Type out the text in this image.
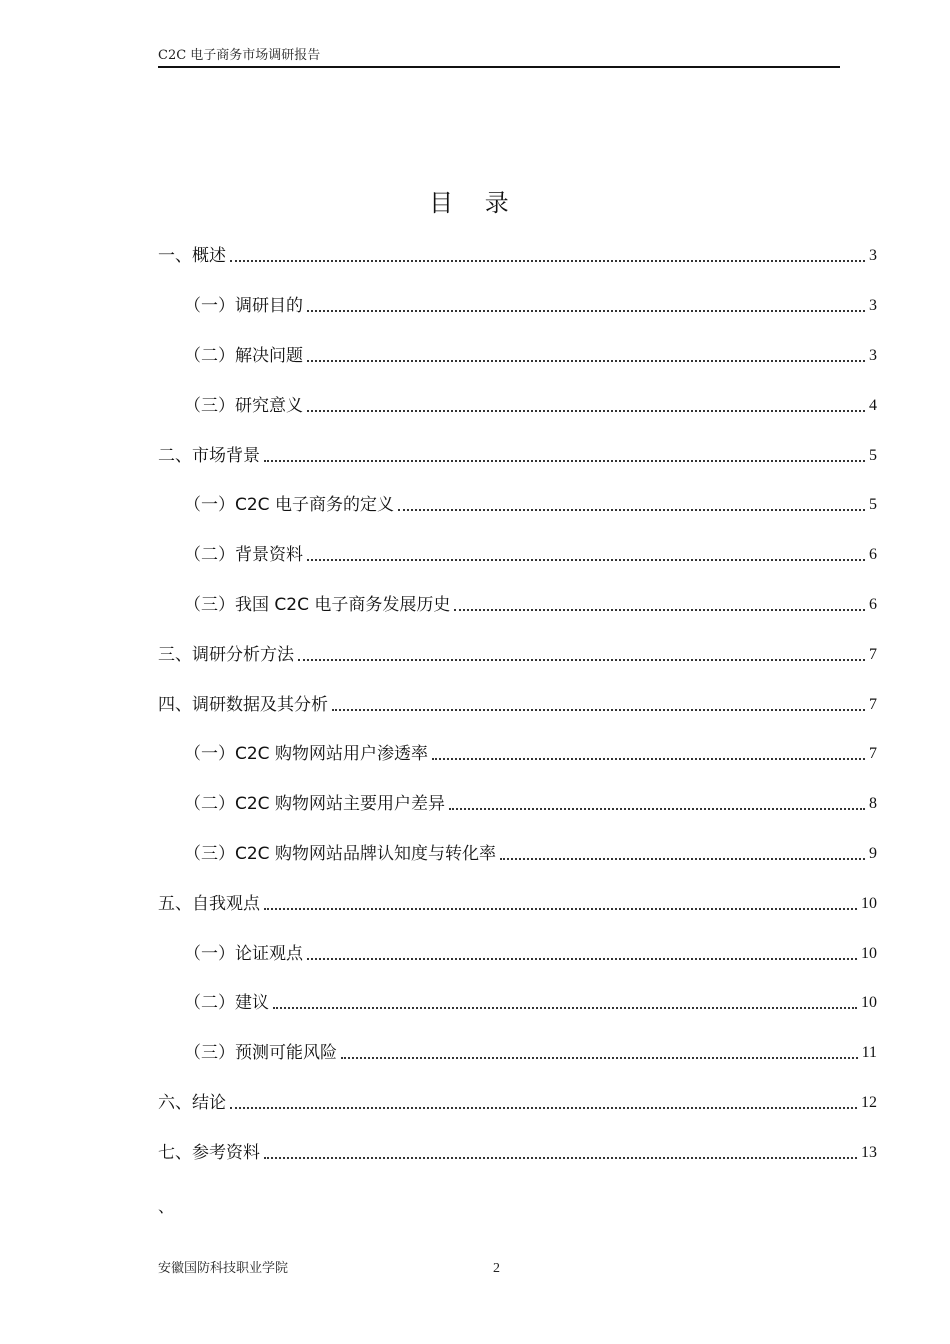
C2C 电子商务市场调研报告
目 录
一、概述	3
（一）调研目的	3
（二）解决问题	3
（三）研究意义	4
二、市场背景	5
（一）C2C 电子商务的定义	5
（二）背景资料	6
（三）我国 C2C 电子商务发展历史	6
三、调研分析方法	7
四、调研数据及其分析	7
（一）C2C 购物网站用户渗透率	7
（二）C2C 购物网站主要用户差异	8
（三）C2C 购物网站品牌认知度与转化率	9
五、自我观点	10
（一）论证观点	10
（二）建议	10
（三）预测可能风险	11
六、结论	12
七、参考资料	13
、
安徽国防科技职业学院	2
